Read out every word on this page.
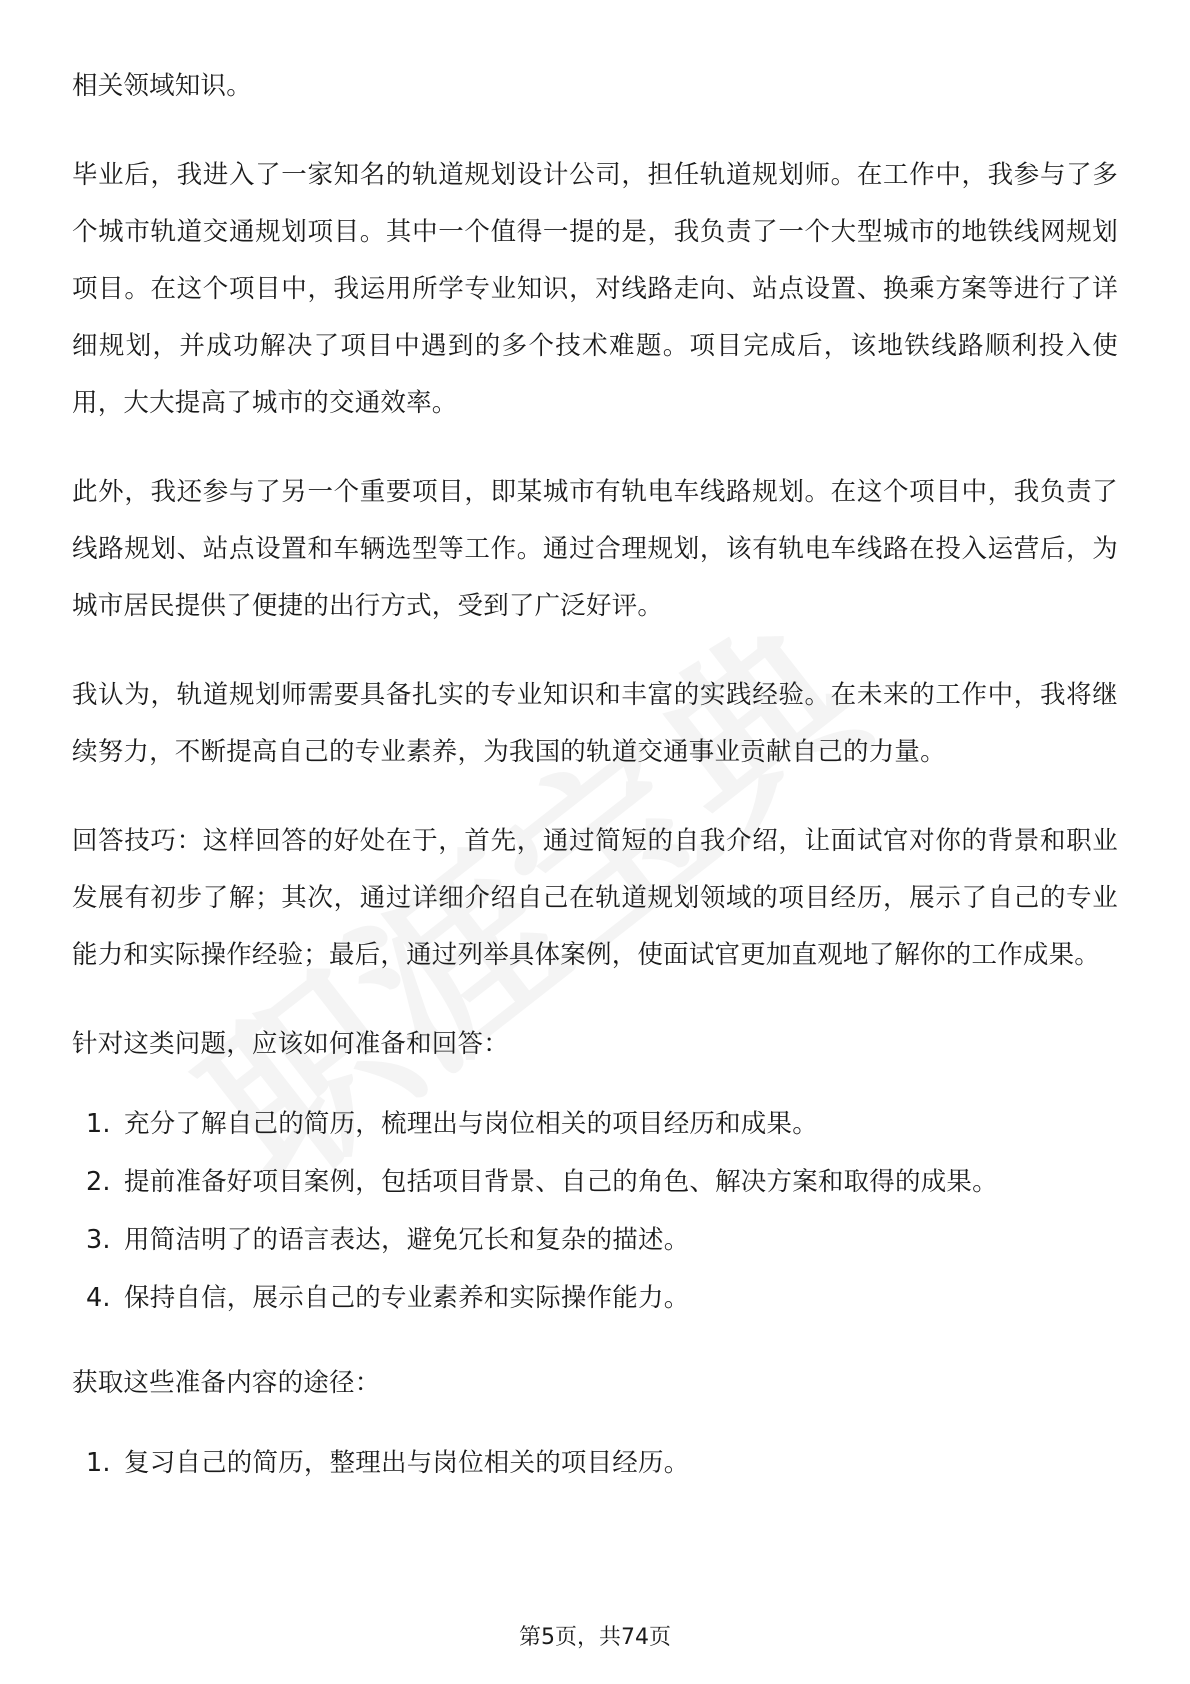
相关领域知识。

毕业后，我进入了一家知名的轨道规划设计公司，担任轨道规划师。在工作中，我参与了多个城市轨道交通规划项目。其中一个值得一提的是，我负责了一个大型城市的地铁线网规划项目。在这个项目中，我运用所学专业知识，对线路走向、站点设置、换乘方案等进行了详细规划，并成功解决了项目中遇到的多个技术难题。项目完成后，该地铁线路顺利投入使用，大大提高了城市的交通效率。

此外，我还参与了另一个重要项目，即某城市有轨电车线路规划。在这个项目中，我负责了线路规划、站点设置和车辆选型等工作。通过合理规划，该有轨电车线路在投入运营后，为城市居民提供了便捷的出行方式，受到了广泛好评。

我认为，轨道规划师需要具备扎实的专业知识和丰富的实践经验。在未来的工作中，我将继续努力，不断提高自己的专业素养，为我国的轨道交通事业贡献自己的力量。

回答技巧：这样回答的好处在于，首先，通过简短的自我介绍，让面试官对你的背景和职业发展有初步了解；其次，通过详细介绍自己在轨道规划领域的项目经历，展示了自己的专业能力和实际操作经验；最后，通过列举具体案例，使面试官更加直观地了解你的工作成果。

针对这类问题，应该如何准备和回答：

1. 充分了解自己的简历，梳理出与岗位相关的项目经历和成果。
2. 提前准备好项目案例，包括项目背景、自己的角色、解决方案和取得的成果。
3. 用简洁明了的语言表达，避免冗长和复杂的描述。
4. 保持自信，展示自己的专业素养和实际操作能力。

获取这些准备内容的途径：

1. 复习自己的简历，整理出与岗位相关的项目经历。
第5页，共74页
